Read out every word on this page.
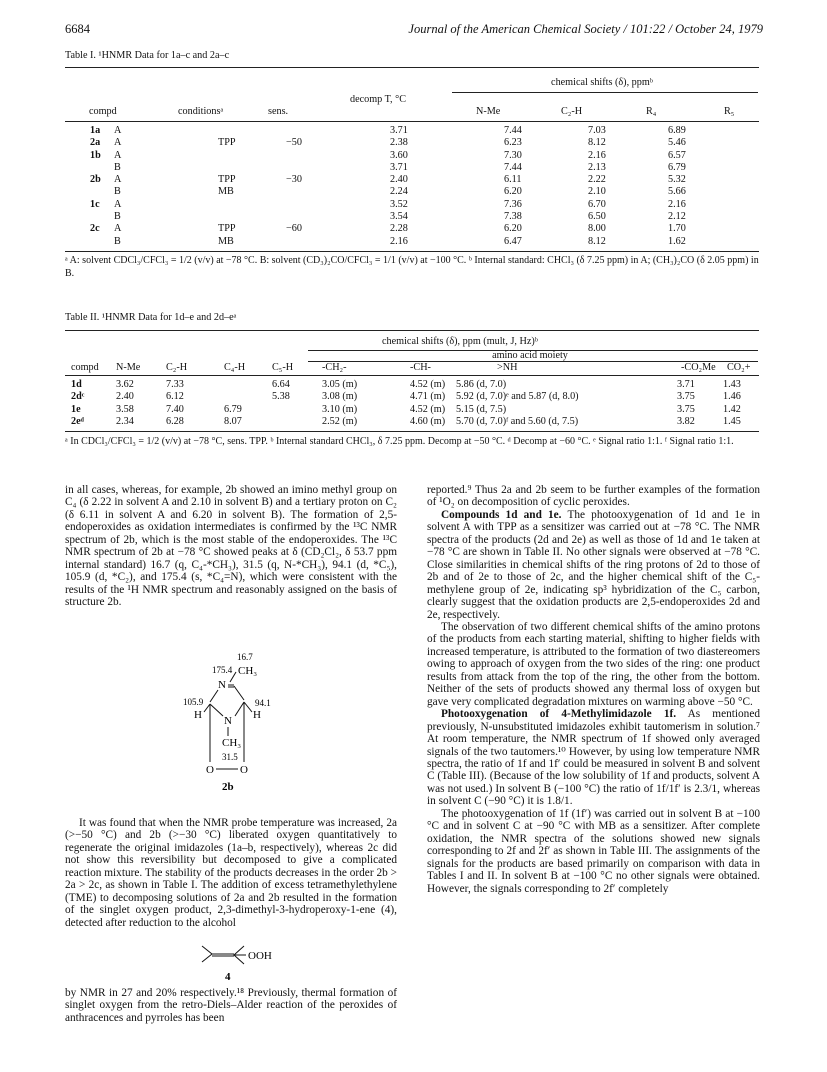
6684	Journal of the American Chemical Society / 101:22 / October 24, 1979
Table I. ¹HNMR Data for 1a–c and 2a–c
chemical shifts (δ), ppmᵇ
compd	conditionsᵃ	sens.
decomp T, °C
N-Me	C₂-H	R₄	R₅
1a	A			3.71	7.44	7.03	6.89
2a	A	TPP	−50	2.38	6.23	8.12	5.46
1b	A			3.60	7.30	2.16	6.57
	B			3.71	7.44	2.13	6.79
2b	A	TPP	−30	2.40	6.11	2.22	5.32
	B	MB		2.24	6.20	2.10	5.66
1c	A			3.52	7.36	6.70	2.16
	B			3.54	7.38	6.50	2.12
2c	A	TPP	−60	2.28	6.20	8.00	1.70
	B	MB		2.16	6.47	8.12	1.62
ᵃ A: solvent CDCl₃/CFCl₃ = 1/2 (v/v) at −78 °C. B: solvent (CD₃)₂CO/CFCl₃ = 1/1 (v/v) at −100 °C. ᵇ Internal standard: CHCl₃ (δ 7.25 ppm) in A; (CH₃)₂CO (δ 2.05 ppm) in B.
Table II. ¹HNMR Data for 1d–e and 2d–eᵃ
chemical shifts (δ), ppm (mult, J, Hz)ᵇ
amino acid moiety
compd N-Me	C₂-H	C₄-H	C₅-H	-CH₂-	-CH-	>NH	-CO₂Me CO₂+
1d	3.62	7.33		6.64	3.05 (m)	4.52 (m)	5.86 (d, 7.0)	3.71	1.43
2dᶜ	2.40	6.12		5.38	3.08 (m)	4.71 (m)	5.92 (d, 7.0)ᵉ and 5.87 (d, 8.0)	3.75	1.46
1e	3.58	7.40	6.79		3.10 (m)	4.52 (m)	5.15 (d, 7.5)	3.75	1.42
2eᵈ	2.34	6.28	8.07		2.52 (m)	4.60 (m)	5.70 (d, 7.0)ᶠ and 5.60 (d, 7.5)	3.82	1.45
ᵃ In CDCl₃/CFCl₃ = 1/2 (v/v) at −78 °C, sens. TPP. ᵇ Internal standard CHCl₃, δ 7.25 ppm. Decomp at −50 °C. ᵈ Decomp at −60 °C. ᵉ Signal ratio 1:1. ᶠ Signal ratio 1:1.

in all cases, whereas, for example, 2b showed an imino methyl group on C₄ (δ 2.22 in solvent A and 2.10 in solvent B) and a tertiary proton on C₂ (δ 6.11 in solvent A and 6.20 in solvent B). The formation of 2,5-endoperoxides as oxidation intermediates is confirmed by the ¹³C NMR spectrum of 2b, which is the most stable of the endoperoxides. The ¹³C NMR spectrum of 2b at −78 °C showed peaks at δ (CD₂Cl₂, δ 53.7 ppm internal standard) 16.7 (q, C₄-*CH₃), 31.5 (q, N-*CH₃), 94.1 (d, *C₅), 105.9 (d, *C₂), and 175.4 (s, *C₄=N), which were consistent with the results of the ¹H NMR spectrum and reasonably assigned on the basis of structure 2b.

16.7
175.4 CH₃
N
105.9	94.1
H N H
CH₃
31.5
O O
2b

It was found that when the NMR probe temperature was increased, 2a (>−50 °C) and 2b (>−30 °C) liberated oxygen quantitatively to regenerate the original imidazoles (1a–b, respectively), whereas 2c did not show this reversibility but decomposed to give a complicated reaction mixture. The stability of the products decreases in the order 2b > 2a > 2c, as shown in Table I. The addition of excess tetramethylethylene (TME) to decomposing solutions of 2a and 2b resulted in the formation of the singlet oxygen product, 2,3-dimethyl-3-hydroperoxy-1-ene (4), detected after reduction to the alcohol

OOH
4

by NMR in 27 and 20% respectively.¹⁸ Previously, thermal formation of singlet oxygen from the retro-Diels–Alder reaction of the peroxides of anthracences and pyrroles has been

reported.⁹ Thus 2a and 2b seem to be further examples of the formation of ¹O₂ on decomposition of cyclic peroxides.

Compounds 1d and 1e. The photooxygenation of 1d and 1e in solvent A with TPP as a sensitizer was carried out at −78 °C. The NMR spectra of the products (2d and 2e) as well as those of 1d and 1e taken at −78 °C are shown in Table II. No other signals were observed at −78 °C. Close similarities in chemical shifts of the ring protons of 2d to those of 2b and of 2e to those of 2c, and the higher chemical shift of the C₅-methylene group of 2e, indicating sp³ hybridization of the C₅ carbon, clearly suggest that the oxidation products are 2,5-endoperoxides 2d and 2e, respectively.

The observation of two different chemical shifts of the amino protons of the products from each starting material, shifting to higher fields with increased temperature, is attributed to the formation of two diastereomers owing to approach of oxygen from the two sides of the ring: one product results from attack from the top of the ring, the other from the bottom. Neither of the sets of products showed any thermal loss of oxygen but gave very complicated degradation mixtures on warming above −50 °C.

Photooxygenation of 4-Methylimidazole 1f. As mentioned previously, N-unsubstituted imidazoles exhibit tautomerism in solution.⁷ At room temperature, the NMR spectrum of 1f showed only averaged signals of the two tautomers.¹⁰ However, by using low temperature NMR spectra, the ratio of 1f and 1f′ could be measured in solvent B and solvent C (Table III). (Because of the low solubility of 1f and products, solvent A was not used.) In solvent B (−100 °C) the ratio of 1f/1f′ is 2.3/1, whereas in solvent C (−90 °C) it is 1.8/1.

The photooxygenation of 1f (1f′) was carried out in solvent B at −100 °C and in solvent C at −90 °C with MB as a sensitizer. After complete oxidation, the NMR spectra of the solutions showed new signals corresponding to 2f and 2f′ as shown in Table III. The assignments of the signals for the products are based primarily on comparison with data in Tables I and II. In solvent B at −100 °C no other signals were obtained. However, the signals corresponding to 2f′ completely
